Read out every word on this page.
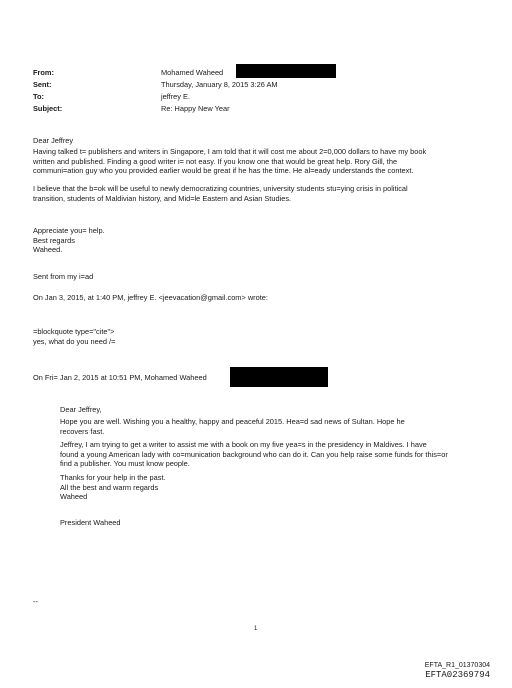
From:	Mohamed Waheed
Sent:	Thursday, January 8, 2015 3:26 AM
To:	jeffrey E.
Subject:	Re: Happy New Year
Dear Jeffrey
Having talked t= publishers and writers in Singapore, I am told that it will cost me about 2=0,000 dollars to have my book
written and published. Finding a good writer i= not easy. If you know one that would be great help. Rory Gill, the
communi=ation guy who you provided earlier would be great if he has the time. He al=eady understands the context.
I believe that the b=ok will be useful to newly democratizing countries, university students stu=ying crisis in political
transition, students of Maldivian history, and Mid=le Eastern and Asian Studies.
Appreciate you= help.
Best regards
Waheed.
Sent from my i=ad
On Jan 3, 2015, at 1:40 PM, jeffrey E. <jeevacation@gmail.com> wrote:
=blockquote type="cite">
yes, what do you need /=
On Fri= Jan 2, 2015 at 10:51 PM, Mohamed Waheed
Dear Jeffrey,
Hope you are well. Wishing you a healthy, happy and peaceful 2015. Hea=d sad news of Sultan. Hope he
recovers fast.
Jeffrey, I am trying to get a writer to assist me with a book on my five yea=s in the presidency in Maldives. I have
found a young American lady with co=munication background who can do it. Can you help raise some funds for this=or
find a publisher. You must know people.
Thanks for your help in the past.
All the best and warm regards
Waheed
President Waheed
--
1
EFTA_R1_01370304
EFTA02369794
